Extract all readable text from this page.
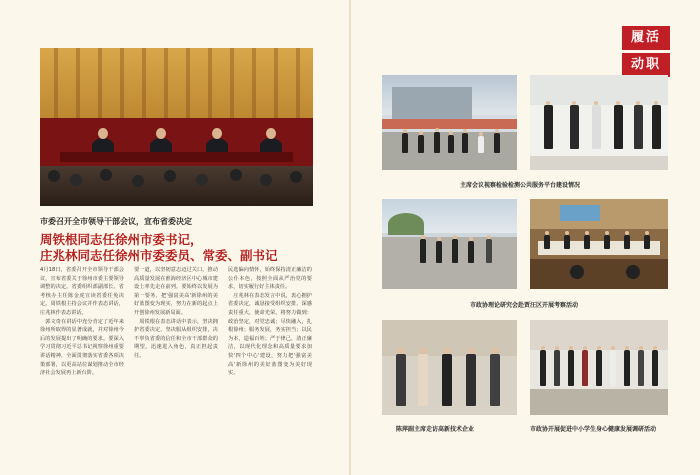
市委召开全市领导干部会议，宣布省委决定
周铁根同志任徐州市委书记，
庄兆林同志任徐州市委委员、常委、副书记
4月18日，省委召开全市领导干部会议，宣布省委关于徐州市委主要领导调整的决定。省委组织部副部长、省考核办主任陈金虎宣读省委任免决定。周铁根主持会议并作表态讲话，庄兆林作表态讲话。
　郭文奇在讲话中充分肯定了近年来徐州所取得的显著成就，并对徐州今后的发展提出了明确的要求。要深入学习贯彻习近平总书记视察徐州重要讲话精神，全面贯彻落实省委各项决策部署，以更高站位谋划推动全市经济社会发展再上新台阶。
要一道，以坚韧意志迈过关口，推动高质量发展在淮海经济区中心城市建设上率先走在前列。要始终以发展为第一要务，把'强富美高'新徐州的美好蓝图变为现实，努力在新的起点上开创徐州发展新局面。
　周铁根在表态讲话中表示，坚决拥护省委决定，坚决服从组织安排，决不辜负省委的信任和全市干部群众的期望，迅速进入角色，真正担起责任。
民选偏向情怀，始终保持清正廉洁的公仆本色，按照全面从严治党的要求，切实履行好主体责任。
　庄兆林在表态发言中说，衷心拥护省委决定，诚恳接受组织安排，深感责任重大，使命光荣。将努力做到：政治坚定，对党忠诚；尽快融入，扎根徐州；服务发展，务实担当；以民为本，造福百姓；严于律己，清正廉洁，以现代化理念和高质量要求加快'四个中心'建设，努力把'强富美高'新徐州的美好蓝图变为美好现实。
履活
动职
主席会议视察检验检测公共服务平台建设情况
市政协理论研究会赴贾汪区开展考察活动
陈萍副主席走访高新技术企业	市政协开展促进中小学生身心健康发展调研活动
